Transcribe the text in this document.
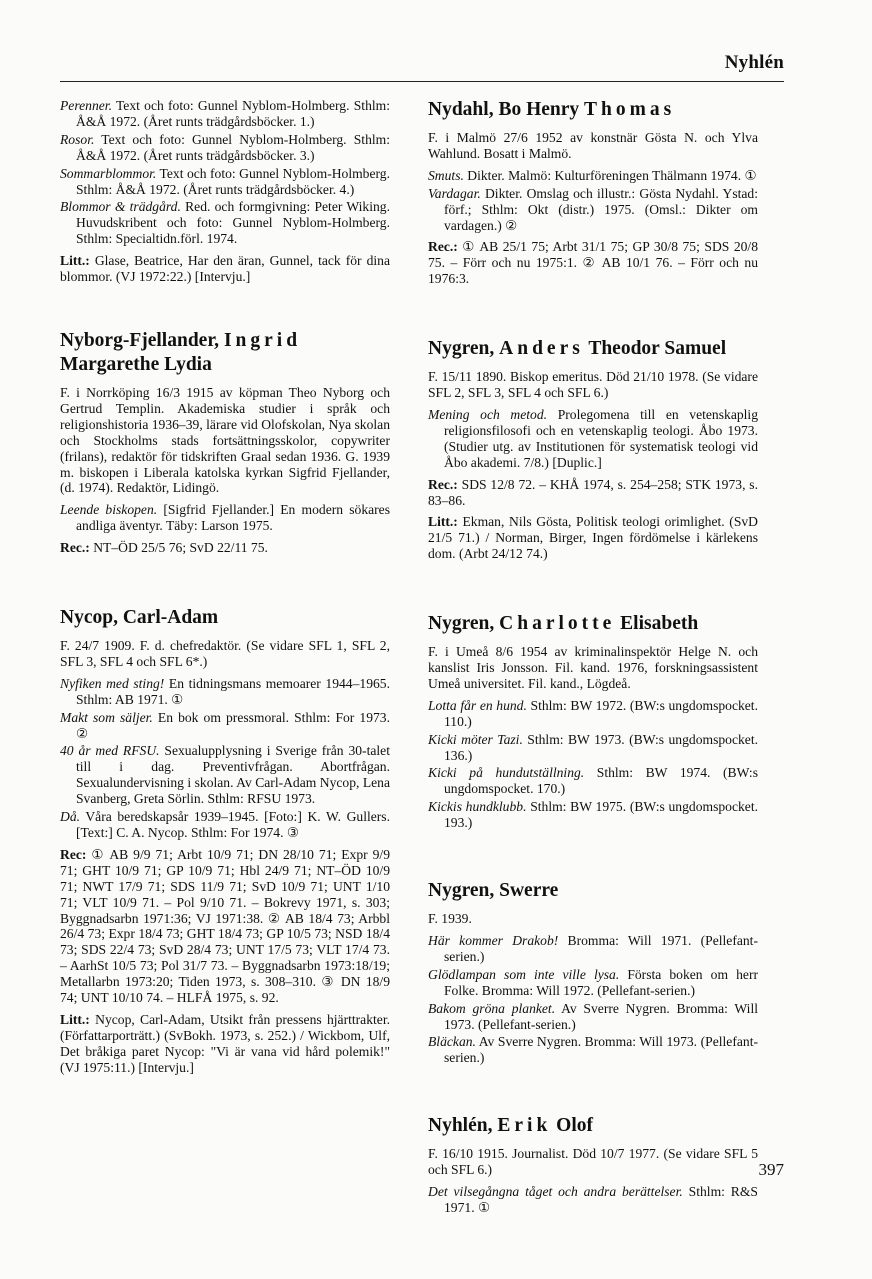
Nyhlén

Perenner. Text och foto: Gunnel Nyblom-Holmberg. Sthlm: Å&Å 1972. (Året runts trädgårdsböcker. 1.)

Rosor. Text och foto: Gunnel Nyblom-Holmberg. Sthlm: Å&Å 1972. (Året runts trädgårdsböcker. 3.)

Sommarblommor. Text och foto: Gunnel Nyblom-Holmberg. Sthlm: Å&Å 1972. (Året runts trädgårdsböcker. 4.)

Blommor & trädgård. Red. och formgivning: Peter Wiking. Huvudskribent och foto: Gunnel Nyblom-Holmberg. Sthlm: Specialtidn.förl. 1974.

Litt.: Glase, Beatrice, Har den äran, Gunnel, tack för dina blommor. (VJ 1972:22.) [Intervju.]

Nyborg-Fjellander, Ingrid
Margarethe Lydia

F. i Norrköping 16/3 1915 av köpman Theo Nyborg och Gertrud Templin. Akademiska studier i språk och religionshistoria 1936–39, lärare vid Olofskolan, Nya skolan och Stockholms stads fortsättningsskolor, copywriter (frilans), redaktör för tidskriften Graal sedan 1936. G. 1939 m. biskopen i Liberala katolska kyrkan Sigfrid Fjellander, (d. 1974). Redaktör, Lidingö.

Leende biskopen. [Sigfrid Fjellander.] En modern sökares andliga äventyr. Täby: Larson 1975.

Rec.: NT–ÖD 25/5 76; SvD 22/11 75.

Nycop, Carl-Adam

F. 24/7 1909. F. d. chefredaktör. (Se vidare SFL 1, SFL 2, SFL 3, SFL 4 och SFL 6*.)

Nyfiken med sting! En tidningsmans memoarer 1944–1965. Sthlm: AB 1971. ①

Makt som säljer. En bok om pressmoral. Sthlm: For 1973. ②

40 år med RFSU. Sexualupplysning i Sverige från 30-talet till i dag. Preventivfrågan. Abortfrågan. Sexualundervisning i skolan. Av Carl-Adam Nycop, Lena Svanberg, Greta Sörlin. Sthlm: RFSU 1973.

Då. Våra beredskapsår 1939–1945. [Foto:] K. W. Gullers. [Text:] C. A. Nycop. Sthlm: For 1974. ③

Rec: ① AB 9/9 71; Arbt 10/9 71; DN 28/10 71; Expr 9/9 71; GHT 10/9 71; GP 10/9 71; Hbl 24/9 71; NT–ÖD 10/9 71; NWT 17/9 71; SDS 11/9 71; SvD 10/9 71; UNT 1/10 71; VLT 10/9 71. – Pol 9/10 71. – Bokrevy 1971, s. 303; Byggnadsarbn 1971:36; VJ 1971:38. ② AB 18/4 73; Arbbl 26/4 73; Expr 18/4 73; GHT 18/4 73; GP 10/5 73; NSD 18/4 73; SDS 22/4 73; SvD 28/4 73; UNT 17/5 73; VLT 17/4 73. – AarhSt 10/5 73; Pol 31/7 73. – Byggnadsarbn 1973:18/19; Metallarbn 1973:20; Tiden 1973, s. 308–310. ③ DN 18/9 74; UNT 10/10 74. – HLFÅ 1975, s. 92.

Litt.: Nycop, Carl-Adam, Utsikt från pressens hjärttrakter. (Författarporträtt.) (SvBokh. 1973, s. 252.) / Wickbom, Ulf, Det bråkiga paret Nycop: "Vi är vana vid hård polemik!" (VJ 1975:11.) [Intervju.]

Nydahl, Bo Henry Thomas

F. i Malmö 27/6 1952 av konstnär Gösta N. och Ylva Wahlund. Bosatt i Malmö.

Smuts. Dikter. Malmö: Kulturföreningen Thälmann 1974. ①

Vardagar. Dikter. Omslag och illustr.: Gösta Nydahl. Ystad: förf.; Sthlm: Okt (distr.) 1975. (Omsl.: Dikter om vardagen.) ②

Rec.: ① AB 25/1 75; Arbt 31/1 75; GP 30/8 75; SDS 20/8 75. – Förr och nu 1975:1. ② AB 10/1 76. – Förr och nu 1976:3.

Nygren, Anders Theodor Samuel

F. 15/11 1890. Biskop emeritus. Död 21/10 1978. (Se vidare SFL 2, SFL 3, SFL 4 och SFL 6.)

Mening och metod. Prolegomena till en vetenskaplig religionsfilosofi och en vetenskaplig teologi. Åbo 1973. (Studier utg. av Institutionen för systematisk teologi vid Åbo akademi. 7/8.) [Duplic.]

Rec.: SDS 12/8 72. – KHÅ 1974, s. 254–258; STK 1973, s. 83–86.

Litt.: Ekman, Nils Gösta, Politisk teologi orimlighet. (SvD 21/5 71.) / Norman, Birger, Ingen fördömelse i kärlekens dom. (Arbt 24/12 74.)

Nygren, Charlotte Elisabeth

F. i Umeå 8/6 1954 av kriminalinspektör Helge N. och kanslist Iris Jonsson. Fil. kand. 1976, forskningsassistent Umeå universitet. Fil. kand., Lögdeå.

Lotta får en hund. Sthlm: BW 1972. (BW:s ungdomspocket. 110.)

Kicki möter Tazi. Sthlm: BW 1973. (BW:s ungdomspocket. 136.)

Kicki på hundutställning. Sthlm: BW 1974. (BW:s ungdomspocket. 170.)

Kickis hundklubb. Sthlm: BW 1975. (BW:s ungdomspocket. 193.)

Nygren, Swerre

F. 1939.

Här kommer Drakob! Bromma: Will 1971. (Pellefant-serien.)

Glödlampan som inte ville lysa. Första boken om herr Folke. Bromma: Will 1972. (Pellefant-serien.)

Bakom gröna planket. Av Sverre Nygren. Bromma: Will 1973. (Pellefant-serien.)

Bläckan. Av Sverre Nygren. Bromma: Will 1973. (Pellefant-serien.)

Nyhlén, Erik Olof

F. 16/10 1915. Journalist. Död 10/7 1977. (Se vidare SFL 5 och SFL 6.)

Det vilsegångna tåget och andra berättelser. Sthlm: R&S 1971. ①

397
